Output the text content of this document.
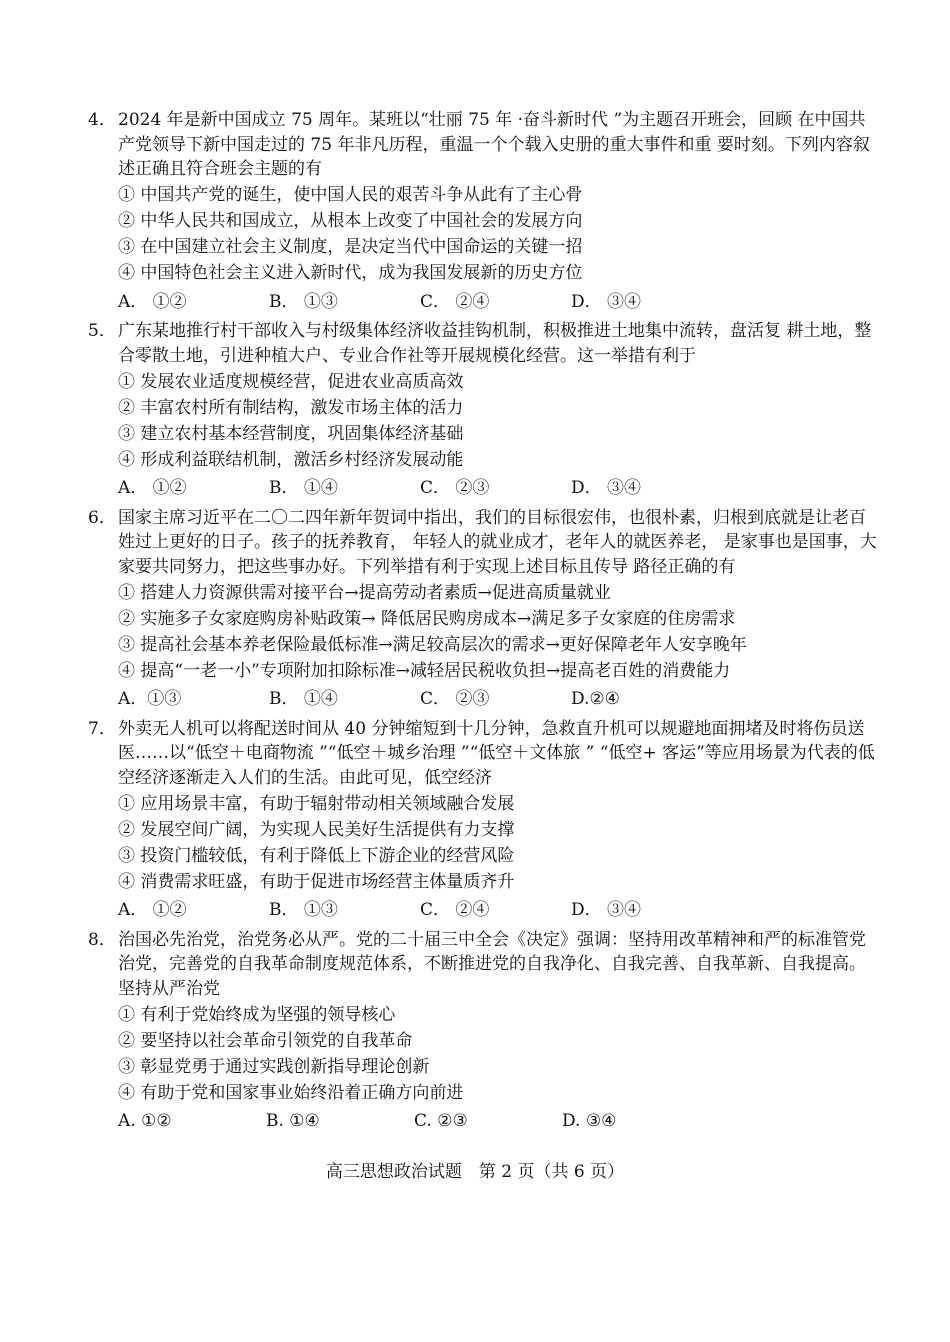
4． 2024 年是新中国成立 75 周年。某班以“壮丽 75 年 ·奋斗新时代 ”为主题召开班会，回顾 在中国共产党领导下新中国走过的 75 年非凡历程，重温一个个载入史册的重大事件和重 要时刻。下列内容叙述正确且符合班会主题的有
① 中国共产党的诞生，使中国人民的艰苦斗争从此有了主心骨
② 中华人民共和国成立，从根本上改变了中国社会的发展方向
③ 在中国建立社会主义制度，是决定当代中国命运的关键一招
④ 中国特色社会主义进入新时代，成为我国发展新的历史方位
A． ①②	B． ①③	C． ②④	D． ③④
5． 广东某地推行村干部收入与村级集体经济收益挂钩机制，积极推进土地集中流转，盘活复 耕土地，整合零散土地，引进种植大户、专业合作社等开展规模化经营。这一举措有利于
① 发展农业适度规模经营，促进农业高质高效
② 丰富农村所有制结构，激发市场主体的活力
③ 建立农村基本经营制度，巩固集体经济基础
④ 形成利益联结机制，激活乡村经济发展动能
A． ①②	B． ①④	C． ②③	D． ③④
6． 国家主席习近平在二〇二四年新年贺词中指出，我们的目标很宏伟，也很朴素，归根到底就是让老百姓过上更好的日子。孩子的抚养教育， 年轻人的就业成才，老年人的就医养老， 是家事也是国事，大家要共同努力，把这些事办好。下列举措有利于实现上述目标且传导 路径正确的有
① 搭建人力资源供需对接平台→提高劳动者素质→促进高质量就业
② 实施多子女家庭购房补贴政策→ 降低居民购房成本→满足多子女家庭的住房需求
③ 提高社会基本养老保险最低标准→满足较高层次的需求→更好保障老年人安享晚年
④ 提高“一老一小”专项附加扣除标准→减轻居民税收负担→提高老百姓的消费能力
A．①③	B． ①④	C． ②③	D.②④
7． 外卖无人机可以将配送时间从 40 分钟缩短到十几分钟，急救直升机可以规避地面拥堵及时将伤员送医……以“低空＋电商物流 ”“低空＋城乡治理 ”“低空＋文体旅 ” “低空+ 客运”等应用场景为代表的低空经济逐渐走入人们的生活。由此可见，低空经济
① 应用场景丰富，有助于辐射带动相关领域融合发展
② 发展空间广阔，为实现人民美好生活提供有力支撑
③ 投资门槛较低，有利于降低上下游企业的经营风险
④ 消费需求旺盛，有助于促进市场经营主体量质齐升
A． ①②	B． ①③	C． ②④	D． ③④
8． 治国必先治党，治党务必从严。党的二十届三中全会《决定》强调：坚持用改革精神和严的标准管党治党，完善党的自我革命制度规范体系，不断推进党的自我净化、自我完善、自我革新、自我提高。坚持从严治党
① 有利于党始终成为坚强的领导核心
② 要坚持以社会革命引领党的自我革命
③ 彰显党勇于通过实践创新指导理论创新
④ 有助于党和国家事业始终沿着正确方向前进
A. ①②	B. ①④	C. ②③	D. ③④
高三思想政治试题　第 2 页（共 6 页）
